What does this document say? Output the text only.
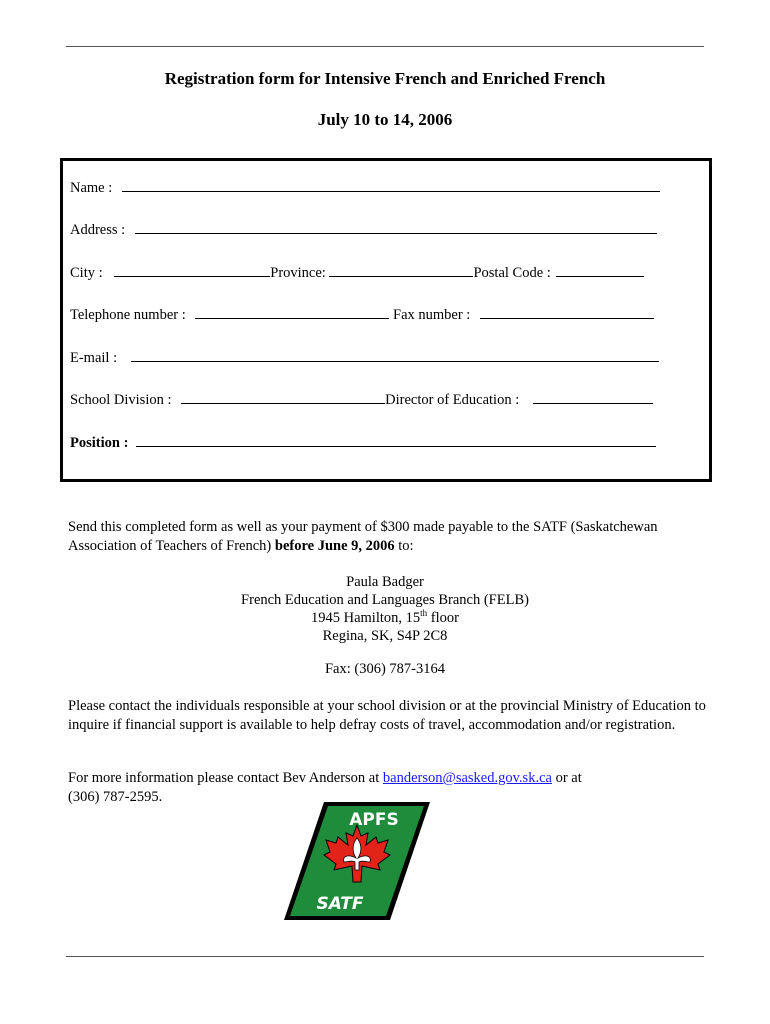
Registration form for Intensive French and Enriched French
July 10 to 14, 2006
Name :
Address :
City :	Province:	Postal Code :
Telephone number :	Fax number :
E-mail :
School Division :	Director of Education :
Position :
Send this completed form as well as your payment of $300 made payable to the SATF (Saskatchewan Association of Teachers of French) before June 9, 2006 to:
Paula Badger
French Education and Languages Branch (FELB)
1945 Hamilton, 15th floor
Regina, SK, S4P 2C8
Fax: (306) 787-3164
Please contact the individuals responsible at your school division or at the provincial Ministry of Education to inquire if financial support is available to help defray costs of travel, accommodation and/or registration.
For more information please contact Bev Anderson at banderson@sasked.gov.sk.ca or at
(306) 787-2595.
APFS
SATF
